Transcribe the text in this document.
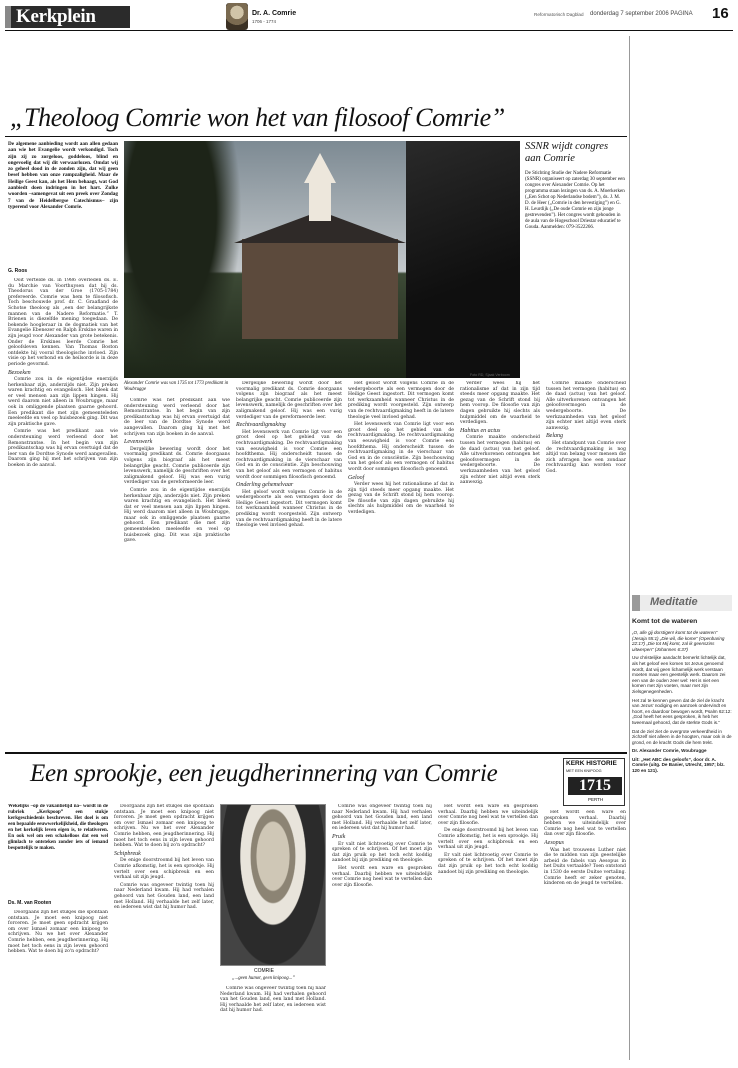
Kerkplein	Dr. A. Comrie
1706 - 1774
Reformatorisch Dagblad donderdag 7 september 2006 PAGINA 16
„Theoloog Comrie won het van filosoof Comrie”
De algemene aanbieding wordt aan allen gedaan aan wie het Evangelie wordt verkondigd. Toch zijn zij zo zorgeloos, goddeloos, blind en ongevoelig dat wij dit verwaarlozen. Omdat wij zo geheel dood in de zonden zijn, dat wij geen besef hebben van onze rampzaligheid. Maar de Heilige Geest kan, als het Hem behaagt, wat God aanbiedt doen indringen in het hart. Zulke woorden –samengevat uit een preek over Zondag 7 van de Heidelbergse Catechismus– zijn typerend voor Alexander Comrie.
G. Roos
Foto RD, Sjaak Verboom
Alexander Comrie was van 1735 tot 1773 predikant in Woubrugge
SSNR wijdt congres aan Comrie
De Stichting Studie der Nadere Reformatie (SSNR) organiseert op zaterdag 30 september een congres over Alexander Comrie. Op het programma staan lezingen van ds. A. Moerkerken („Een Schot op Nederlandse bodem”), ds. J. M. D. de Heer („Comrie in den bevestiging”) en G. H. Leurdijk („De oude Comrie en zijn jonge gestrevenden”). Het congres wordt gehouden in de aula van de Hogeschool Driestar educatief te Gouda. Aanmelden: 079-3522266.

Ooit vertelde ds. in 1986 overleden ds. E. du Marchie van Voorthuysen dat hij ds. Theodorus van der Groe (1705-1784) prefereerde. Comrie was hem te filosofisch. Toch beschouwde prof. dr. C. Graafland de Schotse theoloog als „een der belangrijkste mannen van de Nadere Reformatie.” T. Brienen is diezelfde mening toegedaan. De bekende hoogleraar in de dogmatiek van het Evangelie Ebenezer en Ralph Erskine waren in zijn jeugd voor Alexander van grote betekenis. Onder de Erskines leerde Comrie het geloofsleven kennen. Van Thomas Boston ontdekte hij vooral theologische invloed. Zijn visie op het verbond en de heilsorde is in deze periode gevormd.

Bezoeken

Comrie zou in de eigentijdse enerzijds herkenbaar zijn, anderzijds niet. Zijn preken waren krachtig en evangelisch. Het bleek dat er veel mensen aan zijn lippen hingen. Hij werd daarom niet alleen in Woubrugge, maar ook in omliggende plaatsen gaarne gehoord. Een predikant die met zijn gemeenteleden meeleefde en veel op huisbezoek ging. Dit was zijn praktische gave.

Comrie was het predikant aan wie ondersteuning werd verleend door het Remonstrantse. In het begin van zijn predikantschap was hij ervan overtuigd dat de leer van de Dordtse Synode werd aangevallen. Daarom ging hij met het schrijven van zijn boeken in de aanval.

Comrie was het predikant aan wie ondersteuning werd verleend door het Remonstrantse. In het begin van zijn predikantschap was hij ervan overtuigd dat de leer van de Dordtse Synode werd aangevallen. Daarom ging hij met het schrijven van zijn boeken in de aanval.

Levenswerk

Dergelijke bewering wordt door het voormalig predikant ds. Comrie doorgaans volgens zijn biograaf als het meest belangrijke geacht. Comrie publiceerde zijn levenswerk, namelijk de geschriften over het zaligmakend geloof. Hij was een vurig verdediger van de gereformeerde leer.

Comrie zou in de eigentijdse enerzijds herkenbaar zijn, anderzijds niet. Zijn preken waren krachtig en evangelisch. Het bleek dat er veel mensen aan zijn lippen hingen. Hij werd daarom niet alleen in Woubrugge, maar ook in omliggende plaatsen gaarne gehoord. Een predikant die met zijn gemeenteleden meeleefde en veel op huisbezoek ging. Dit was zijn praktische gave.

Dergelijke bewering wordt door het voormalig predikant ds. Comrie doorgaans volgens zijn biograaf als het meest belangrijke geacht. Comrie publiceerde zijn levenswerk, namelijk de geschriften over het zaligmakend geloof. Hij was een vurig verdediger van de gereformeerde leer.

Rechtvaardigmaking

Het levenswerk van Comrie ligt voor een groot deel op het gebied van de rechtvaardigmaking. De rechtvaardigmaking van eeuwigheid is voor Comrie een hoofdthema. Hij onderscheidt tussen de rechtvaardigmaking in de vierschaar van God en in de consciëntie. Zijn beschouwing van het geloof als een vermogen of habitus wordt door sommigen filosofisch genoemd.

Onderling gehemelvaar

Het geloof wordt volgens Comrie in de wedergeboorte als een vermogen door de Heilige Geest ingestort. Dit vermogen komt tot werkzaamheid wanneer Christus in de prediking wordt voorgesteld. Zijn ontwerp van de rechtvaardigmaking heeft in de latere theologie veel invloed gehad.

Het geloof wordt volgens Comrie in de wedergeboorte als een vermogen door de Heilige Geest ingestort. Dit vermogen komt tot werkzaamheid wanneer Christus in de prediking wordt voorgesteld. Zijn ontwerp van de rechtvaardigmaking heeft in de latere theologie veel invloed gehad.

Het levenswerk van Comrie ligt voor een groot deel op het gebied van de rechtvaardigmaking. De rechtvaardigmaking van eeuwigheid is voor Comrie een hoofdthema. Hij onderscheidt tussen de rechtvaardigmaking in de vierschaar van God en in de consciëntie. Zijn beschouwing van het geloof als een vermogen of habitus wordt door sommigen filosofisch genoemd.

Geloof

Verder wees hij het rationalisme af dat in zijn tijd steeds meer opgang maakte. Het gezag van de Schrift stond bij hem voorop. De filosofie van zijn dagen gebruikte hij slechts als hulpmiddel om de waarheid te verdedigen.

Verder wees hij het rationalisme af dat in zijn tijd steeds meer opgang maakte. Het gezag van de Schrift stond bij hem voorop. De filosofie van zijn dagen gebruikte hij slechts als hulpmiddel om de waarheid te verdedigen.

Habitus en actus

Comrie maakte onderscheid tussen het vermogen (habitus) en de daad (actus) van het geloof. Alle uitverkorenen ontvangen het geloofsvermogen in de wedergeboorte. De werkzaamheden van het geloof zijn echter niet altijd even sterk aanwezig.

Comrie maakte onderscheid tussen het vermogen (habitus) en de daad (actus) van het geloof. Alle uitverkorenen ontvangen het geloofsvermogen in de wedergeboorte. De werkzaamheden van het geloof zijn echter niet altijd even sterk aanwezig.

Belang

Het standpunt van Comrie over de rechtvaardigmaking is nog altijd van belang voor mensen die zich afvragen hoe een zondaar rechtvaardig kan worden voor God.

Een sprookje, een jeugdherinnering van Comrie	KERK HISTORIE
MET EEN KNIPOOG
1715
PERTH
Wekelijks –op de vakantietijd na– wordt in de rubriek „Kerkpoop” een stukje kerkgeschiedenis beschreven. Het doel is om een bepaalde eeuwwerkelijkheid, die theologen en het kerkelijk leven eigen is, te relativeren. En ook wel om een schakelloos dat een wel glimlach te ontsteken zonder iets of iemand bespottelijk te maken.
Ds. M. van Rooten

Doorgaans zijn het stukjes die spontaan ontstaan. Je moet een knipoog niet forceren. Je moet geen opdracht krijgen om over Ismael zomaar een knipoog te schrijven. Nu we het over Alexander Comrie hebben, een jeugdherinnering. Hij moet het toch eens in zijn leven gehoord hebben. Wat te doen bij zo'n opdracht?

Doorgaans zijn het stukjes die spontaan ontstaan. Je moet een knipoog niet forceren. Je moet geen opdracht krijgen om over Ismael zomaar een knipoog te schrijven. Nu we het over Alexander Comrie hebben, een jeugdherinnering. Hij moet het toch eens in zijn leven gehoord hebben. Wat te doen bij zo'n opdracht?

Schipbreuk

De enige doorstroomd bij het leven van Comrie afkomstig, het is een sprookje. Hij vertelt over een schipbreuk en een verhaal uit zijn jeugd.

Comrie was ongeveer twintig toen hij naar Nederland kwam. Hij had verhalen gehoord van het Gouden land, een land met Holland. Hij verhaalde het zelf later, en iedereen wist dat hij humor had.

COMRIE
„...geen humor, geen knipoog...”

Comrie was ongeveer twintig toen hij naar Nederland kwam. Hij had verhalen gehoord van het Gouden land, een land met Holland. Hij verhaalde het zelf later, en iedereen wist dat hij humor had.

Comrie was ongeveer twintig toen hij naar Nederland kwam. Hij had verhalen gehoord van het Gouden land, een land met Holland. Hij verhaalde het zelf later, en iedereen wist dat hij humor had.

Pruik

Er valt niet lichtvoetig over Comrie te spreken of te schrijven. Of het moet zijn dat zijn pruik op het toch echt koddig aandoet bij zijn prediking en theologie.

Het wordt een ware en gesproken verhaal. Daarbij hebben we uiteindelijk over Comrie nog heel wat te vertellen dan over zijn filosofie.

Het wordt een ware en gesproken verhaal. Daarbij hebben we uiteindelijk over Comrie nog heel wat te vertellen dan over zijn filosofie.

De enige doorstroomd bij het leven van Comrie afkomstig, het is een sprookje. Hij vertelt over een schipbreuk en een verhaal uit zijn jeugd.

Er valt niet lichtvoetig over Comrie te spreken of te schrijven. Of het moet zijn dat zijn pruik op het toch echt koddig aandoet bij zijn prediking en theologie.

Het wordt een ware en gesproken verhaal. Daarbij hebben we uiteindelijk over Comrie nog heel wat te vertellen dan over zijn filosofie.

Aesopus

Was het trouwens Luther niet die te midden van zijn geestelijke arbeid de fabels van Aesopus in het Duits vertaalde? Toen ontstond in 1530 de eerste Duitse vertaling. Comrie heeft er zeker genoten, kinderen en de jeugd te vertellen.

Meditatie

Komt tot de wateren

„O, alle gij dorstigen! komt tot de wateren” (Jesaja 55:1) „Die wil, die kome” (Openbaring 22:17) „Die tot Mij komt, zal ik geenszins uitwerpen” (Johannes 6:37)

Uw christelijke aandacht bemerkt lichtelijk dat, als het geloof een komen tot Jezus genoemd wordt, dat wij geen lichamelijk werk verstaan moeten maar een geestelijk werk. Daarom zei een van de ouden zeer wel: Het is niet een komen met zijn voeten, maar met zijn zielsgenegenheden.

Het zal te kennen geven dat de ziel de kracht van Jezus' nodiging en aanzoek ondervindt en hoort, en daardoor bewogen wordt, Psalm 62:12: „God heeft het eens gesproken, ik heb het tweemaal gehoord, dat de sterkte Gods is.”

Dat de ziel ziet de overgrote verkeerdheid in zichzelf niet alleen in de hoogten, maar ook in de grond, en de kracht Gods die hem trekt.

Dr. Alexander Comrie, Woubrugge

Uit: „Het ABC des geloofs”, door dr. A. Comrie (uitg. De Banier, Utrecht, 1957; blz. 120 en 121).
